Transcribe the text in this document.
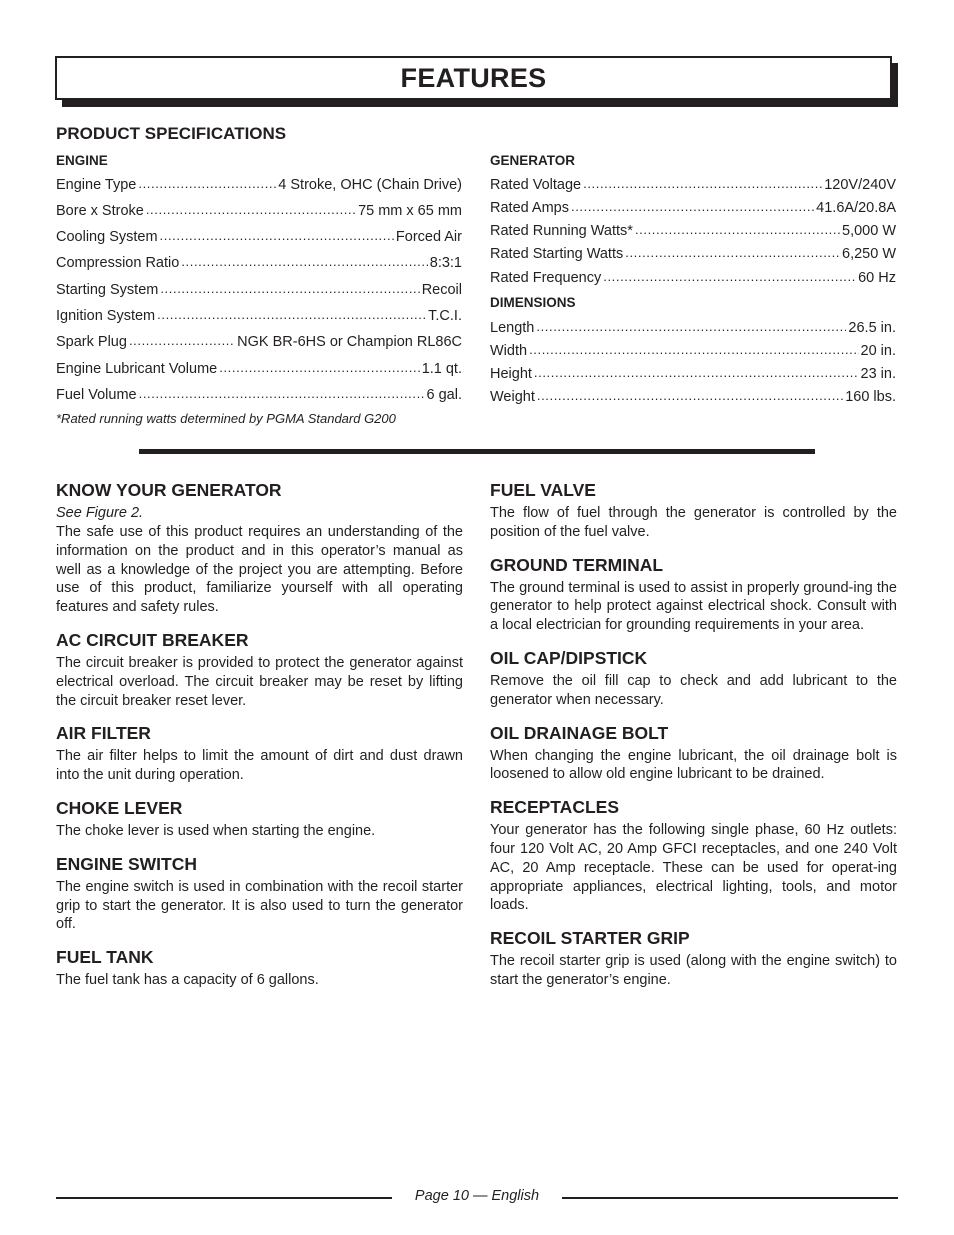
FEATURES
PRODUCT SPECIFICATIONS
ENGINE
Engine Type .....	4 Stroke, OHC (Chain Drive)
Bore x Stroke .....	75 mm x 65 mm
Cooling System .....	Forced Air
Compression Ratio .....	8:3:1
Starting System .....	Recoil
Ignition System .....	T.C.I.
Spark Plug .....	NGK BR-6HS or Champion RL86C
Engine Lubricant Volume .....	1.1 qt.
Fuel Volume .....	6 gal.
GENERATOR
Rated Voltage .....	120V/240V
Rated Amps .....	41.6A/20.8A
Rated Running Watts* .....	5,000 W
Rated Starting Watts .....	6,250 W
Rated Frequency .....	60 Hz
DIMENSIONS
Length .....	26.5 in.
Width .....	20 in.
Height .....	23 in.
Weight .....	160 lbs.

*Rated running watts determined by PGMA Standard G200

KNOW YOUR GENERATOR

See Figure 2.

The safe use of this product requires an understanding of the information on the product and in this operator’s manual as well as a knowledge of the project you are attempting. Before use of this product, familiarize yourself with all operating features and safety rules.

AC CIRCUIT BREAKER

The circuit breaker is provided to protect the generator against electrical overload. The circuit breaker may be reset by lifting the circuit breaker reset lever.

AIR FILTER

The air filter helps to limit the amount of dirt and dust drawn into the unit during operation.

CHOKE LEVER

The choke lever is used when starting the engine.

ENGINE SWITCH

The engine switch is used in combination with the recoil starter grip to start the generator. It is also used to turn the generator off.

FUEL TANK

The fuel tank has a capacity of 6 gallons.

FUEL VALVE

The flow of fuel through the generator is controlled by the position of the fuel valve.

GROUND TERMINAL

The ground terminal is used to assist in properly ground-ing the generator to help protect against electrical shock. Consult with a local electrician for grounding requirements in your area.

OIL CAP/DIPSTICK

Remove the oil fill cap to check and add lubricant to the generator when necessary.

OIL DRAINAGE BOLT

When changing the engine lubricant, the oil drainage bolt is loosened to allow old engine lubricant to be drained.

RECEPTACLES

Your generator has the following single phase, 60 Hz outlets: four 120 Volt AC, 20 Amp GFCI receptacles, and one 240 Volt AC, 20 Amp receptacle. These can be used for operat-ing appropriate appliances, electrical lighting, tools, and motor loads.

RECOIL STARTER GRIP

The recoil starter grip is used (along with the engine switch) to start the generator’s engine.

Page 10 — English
